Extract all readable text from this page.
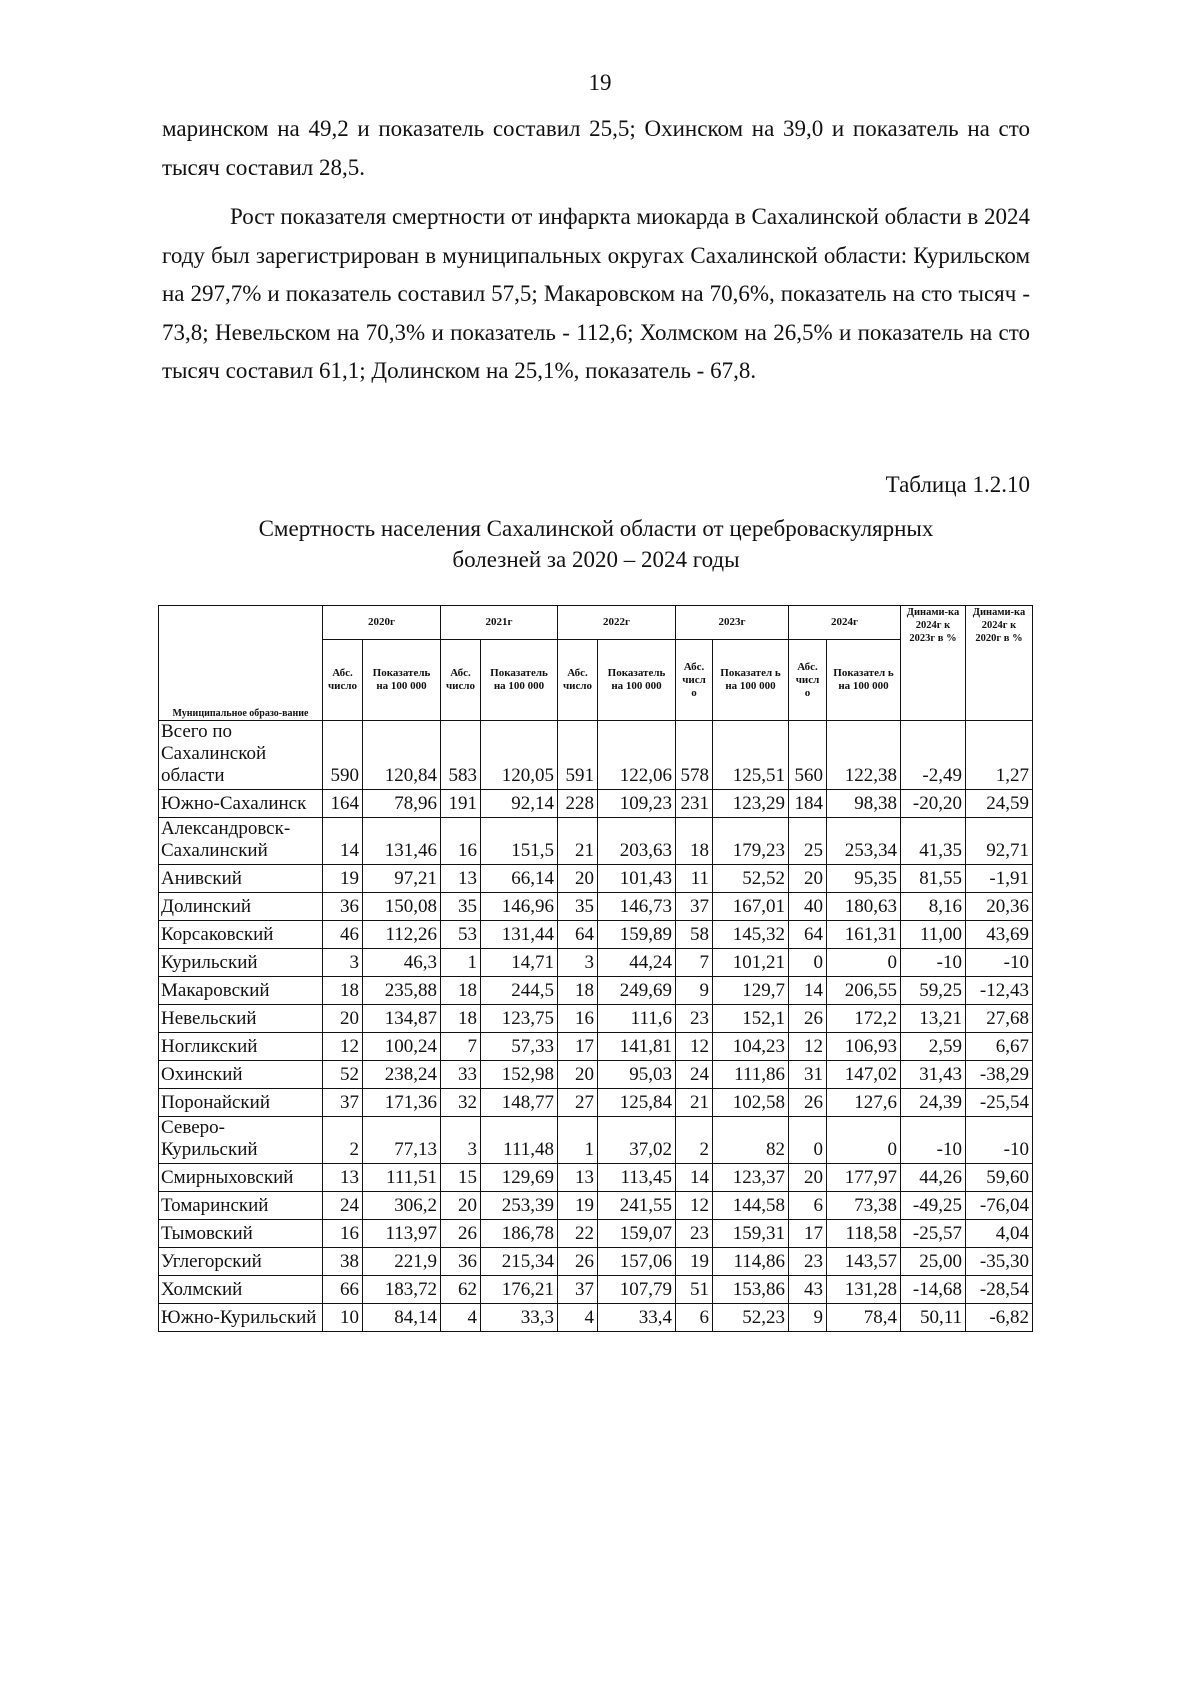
19
маринском на 49,2 и показатель составил 25,5; Охинском на 39,0 и показатель на сто тысяч составил 28,5.
Рост показателя смертности от инфаркта миокарда в Сахалинской области в 2024 году был зарегистрирован в муниципальных округах Сахалинской области: Курильском на 297,7% и показатель составил 57,5; Макаровском на 70,6%, показатель на сто тысяч - 73,8; Невельском на 70,3% и показатель - 112,6; Холмском на 26,5% и показатель на сто тысяч составил 61,1; Долинском на 25,1%, показатель - 67,8.
Таблица 1.2.10
Смертность населения Сахалинской области от цереброваскулярных
болезней за 2020 – 2024 годы
Муниципальное образо-вание	2020г		2021г		2022г		2023г		2024г		Динами-ка 2024г к 2023г в %	Динами-ка 2024г к 2020г в %
	Абс. число	Показатель на 100 000	Абс. число	Показатель на 100 000	Абс. число	Показатель на 100 000	Абс. числ о	Показател ь на 100 000	Абс. числ о	Показател ь на 100 000		
Всего по Сахалинской области	590	120,84	583	120,05	591	122,06	578	125,51	560	122,38	-2,49	1,27
Южно-Сахалинск	164	78,96	191	92,14	228	109,23	231	123,29	184	98,38	-20,20	24,59
Александровск-Сахалинский	14	131,46	16	151,5	21	203,63	18	179,23	25	253,34	41,35	92,71
Анивский	19	97,21	13	66,14	20	101,43	11	52,52	20	95,35	81,55	-1,91
Долинский	36	150,08	35	146,96	35	146,73	37	167,01	40	180,63	8,16	20,36
Корсаковский	46	112,26	53	131,44	64	159,89	58	145,32	64	161,31	11,00	43,69
Курильский	3	46,3	1	14,71	3	44,24	7	101,21	0	0	-10	-10
Макаровский	18	235,88	18	244,5	18	249,69	9	129,7	14	206,55	59,25	-12,43
Невельский	20	134,87	18	123,75	16	111,6	23	152,1	26	172,2	13,21	27,68
Ногликский	12	100,24	7	57,33	17	141,81	12	104,23	12	106,93	2,59	6,67
Охинский	52	238,24	33	152,98	20	95,03	24	111,86	31	147,02	31,43	-38,29
Поронайский	37	171,36	32	148,77	27	125,84	21	102,58	26	127,6	24,39	-25,54
Северо-Курильский	2	77,13	3	111,48	1	37,02	2	82	0	0	-10	-10
Смирныховский	13	111,51	15	129,69	13	113,45	14	123,37	20	177,97	44,26	59,60
Томаринский	24	306,2	20	253,39	19	241,55	12	144,58	6	73,38	-49,25	-76,04
Тымовский	16	113,97	26	186,78	22	159,07	23	159,31	17	118,58	-25,57	4,04
Углегорский	38	221,9	36	215,34	26	157,06	19	114,86	23	143,57	25,00	-35,30
Холмский	66	183,72	62	176,21	37	107,79	51	153,86	43	131,28	-14,68	-28,54
Южно-Курильский	10	84,14	4	33,3	4	33,4	6	52,23	9	78,4	50,11	-6,82
